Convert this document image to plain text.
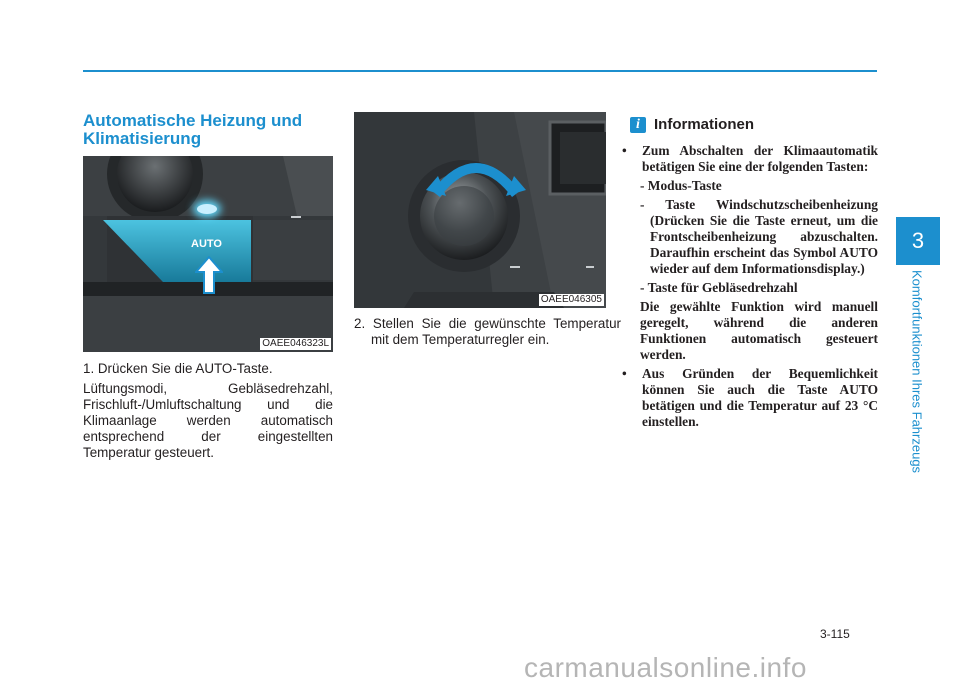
Automatische Heizung und Klimatisierung
AUTO
OAEE046323L
1. Drücken Sie die AUTO-Taste.
Lüftungsmodi, Gebläsedrehzahl, Frischluft-/Umluftschaltung und die Klimaanlage werden automatisch entsprechend der eingestellten Temperatur gesteuert.
OAEE046305
2. Stellen Sie die gewünschte Temperatur mit dem Temperaturregler ein.
i Informationen
•	Zum Abschalten der Klimaautomatik betätigen Sie eine der folgenden Tasten:
- Modus-Taste
- Taste Windschutzscheibenheizung (Drücken Sie die Taste erneut, um die Frontscheibenheizung abzuschalten. Daraufhin erscheint das Symbol AUTO wieder auf dem Informationsdisplay.)
- Taste für Gebläsedrehzahl
Die gewählte Funktion wird manuell geregelt, während die anderen Funktionen automatisch gesteuert werden.
•	Aus Gründen der Bequemlichkeit können Sie auch die Taste AUTO betätigen und die Temperatur auf 23 °C einstellen.
3
Komfortfunktionen Ihres Fahrzeugs
3-115
carmanualsonline.info
